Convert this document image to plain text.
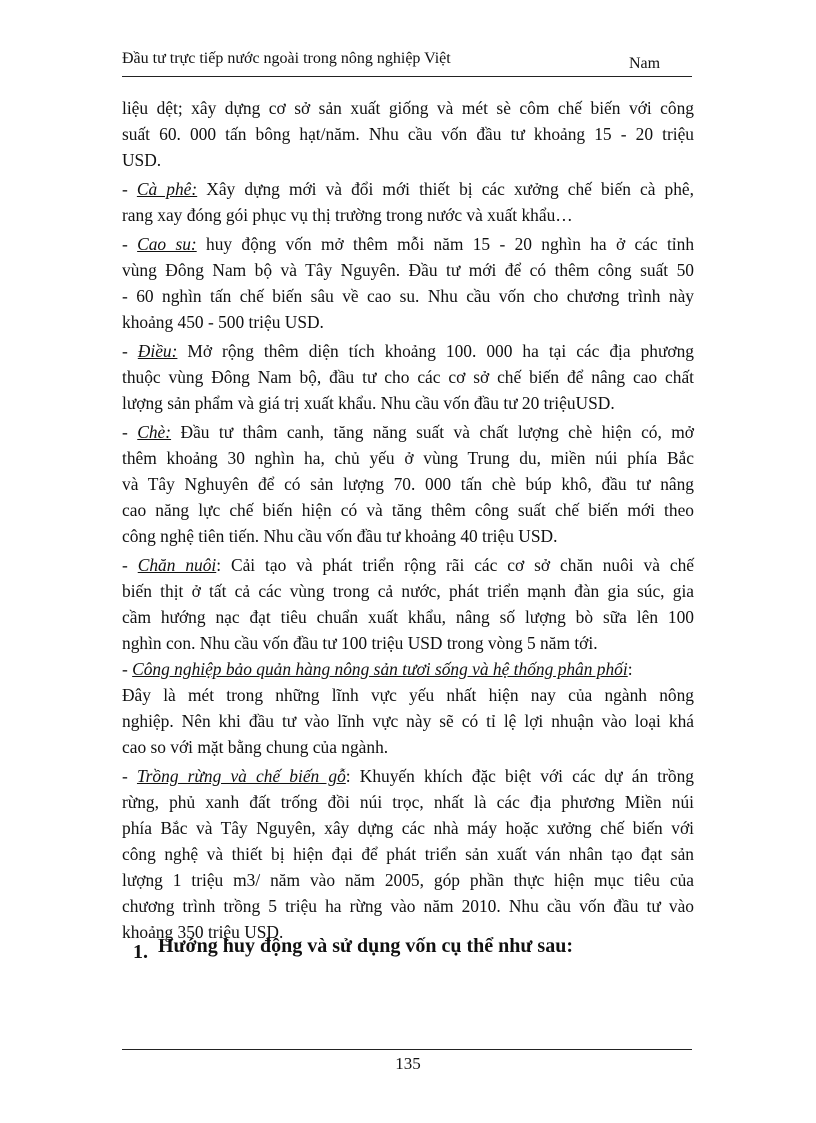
Đầu tư trực tiếp nước ngoài trong nông nghiệp Việt	Nam
liệu dệt; xây dựng cơ sở sản xuất giống và mét sè côm chế biến với công
suất 60. 000 tấn bông hạt/năm. Nhu cầu vốn đầu tư khoảng 15 - 20 triệu
USD.
- Cà phê: Xây dựng mới và đổi mới thiết bị các xưởng chế biến cà phê,
rang xay đóng gói phục vụ thị trường trong nước và xuất khẩu…
- Cao su: huy động vốn mở thêm mỗi năm 15 - 20 nghìn ha ở các tỉnh
vùng Đông Nam bộ và Tây Nguyên. Đầu tư mới để có thêm công suất 50
- 60 nghìn tấn chế biến sâu về cao su. Nhu cầu vốn cho chương trình này
khoảng 450 - 500 triệu USD.
- Điều: Mở rộng thêm diện tích khoảng 100. 000 ha tại các địa phương
thuộc vùng Đông Nam bộ, đầu tư cho các cơ sở chế biến để nâng cao chất
lượng sản phẩm và giá trị xuất khẩu. Nhu cầu vốn đầu tư 20 triệuUSD.
- Chè: Đầu tư thâm canh, tăng năng suất và chất lượng chè hiện có, mở
thêm khoảng 30 nghìn ha, chủ yếu ở vùng Trung du, miền núi phía Bắc
và Tây Nghuyên để có sản lượng 70. 000 tấn chè búp khô, đầu tư nâng
cao năng lực chế biến hiện có và tăng thêm công suất chế biến mới theo
công nghệ tiên tiến. Nhu cầu vốn đầu tư khoảng 40 triệu USD.
- Chăn nuôi: Cải tạo và phát triển rộng rãi các cơ sở chăn nuôi và chế
biến thịt ở tất cả các vùng trong cả nước, phát triển mạnh đàn gia súc, gia
cầm hướng nạc đạt tiêu chuẩn xuất khẩu, nâng số lượng bò sữa lên 100
nghìn con. Nhu cầu vốn đầu tư 100 triệu USD trong vòng 5 năm tới.
- Công nghiệp bảo quản hàng nông sản tươi sống và hệ thống phân phối:
Đây là mét trong những lĩnh vực yếu nhất hiện nay của ngành nông
nghiệp. Nên khi đầu tư vào lĩnh vực này sẽ có tỉ lệ lợi nhuận vào loại khá
cao so với mặt bằng chung của ngành.
- Trồng rừng và chế biến gỗ: Khuyến khích đặc biệt với các dự án trồng
rừng, phủ xanh đất trống đồi núi trọc, nhất là các địa phương Miền núi
phía Bắc và Tây Nguyên, xây dựng các nhà máy hoặc xưởng chế biến với
công nghệ và thiết bị hiện đại để phát triển sản xuất ván nhân tạo đạt sản
lượng 1 triệu m3/ năm vào năm 2005, góp phần thực hiện mục tiêu của
chương trình trồng 5 triệu ha rừng vào năm 2010. Nhu cầu vốn đầu tư vào
khoảng 350 triệu USD.
1. Hướng huy động và sử dụng vốn cụ thể như sau:
135
